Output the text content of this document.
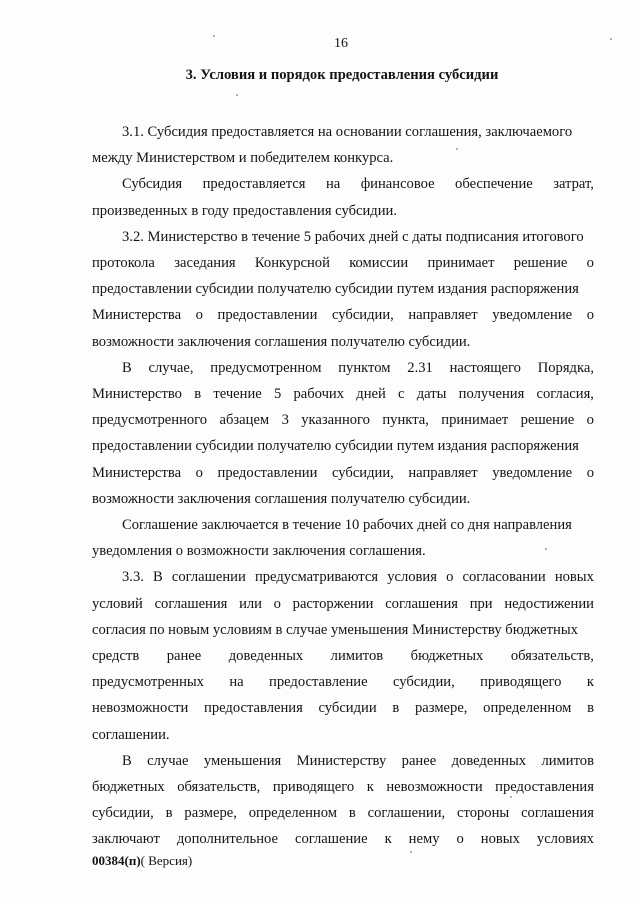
16
3. Условия и порядок предоставления субсидии
3.1. Субсидия предоставляется на основании соглашения, заключаемого
между Министерством и победителем конкурса.
Субсидия предоставляется на финансовое обеспечение затрат,
произведенных в году предоставления субсидии.
3.2. Министерство в течение 5 рабочих дней с даты подписания итогового
протокола заседания Конкурсной комиссии принимает решение о
предоставлении субсидии получателю субсидии путем издания распоряжения
Министерства о предоставлении субсидии, направляет уведомление о
возможности заключения соглашения получателю субсидии.
В случае, предусмотренном пунктом 2.31 настоящего Порядка,
Министерство в течение 5 рабочих дней с даты получения согласия,
предусмотренного абзацем 3 указанного пункта, принимает решение о
предоставлении субсидии получателю субсидии путем издания распоряжения
Министерства о предоставлении субсидии, направляет уведомление о
возможности заключения соглашения получателю субсидии.
Соглашение заключается в течение 10 рабочих дней со дня направления
уведомления о возможности заключения соглашения.
3.3. В соглашении предусматриваются условия о согласовании новых
условий соглашения или о расторжении соглашения при недостижении
согласия по новым условиям в случае уменьшения Министерству бюджетных
средств ранее доведенных лимитов бюджетных обязательств,
предусмотренных на предоставление субсидии, приводящего к
невозможности предоставления субсидии в размере, определенном в
соглашении.
В случае уменьшения Министерству ранее доведенных лимитов
бюджетных обязательств, приводящего к невозможности предоставления
субсидии, в размере, определенном в соглашении, стороны соглашения
заключают дополнительное соглашение к нему о новых условиях
00384(п)( Версия)
